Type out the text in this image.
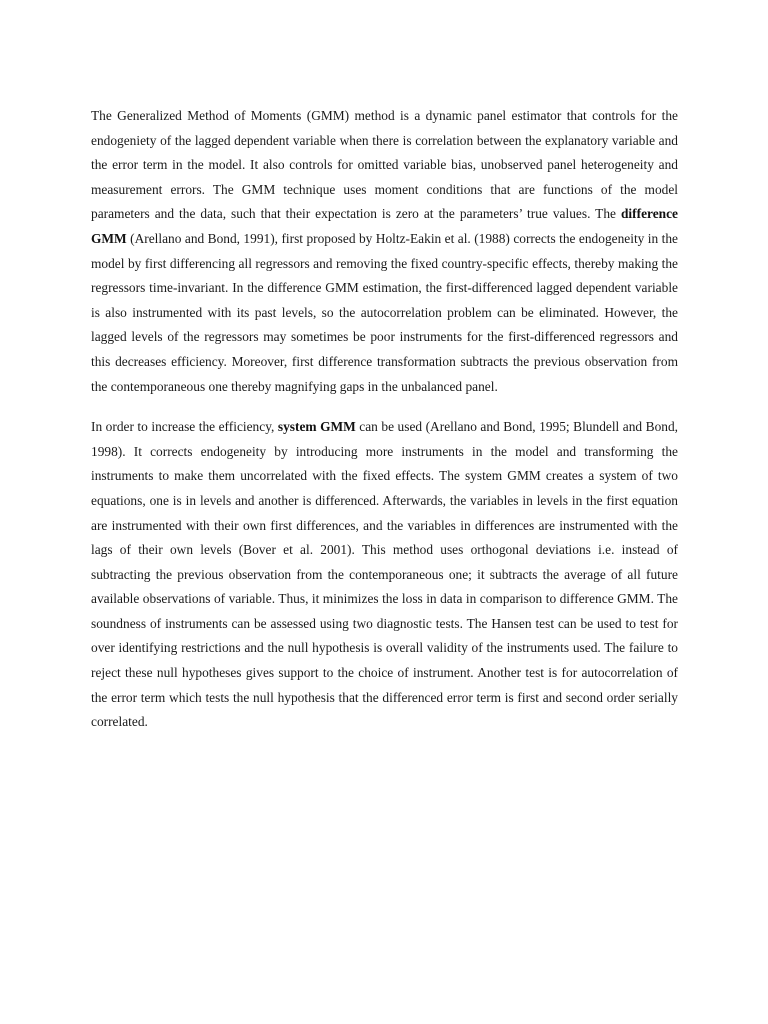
The Generalized Method of Moments (GMM) method is a dynamic panel estimator that controls for the endogeniety of the lagged dependent variable when there is correlation between the explanatory variable and the error term in the model. It also controls for omitted variable bias, unobserved panel heterogeneity and measurement errors. The GMM technique uses moment conditions that are functions of the model parameters and the data, such that their expectation is zero at the parameters’ true values. The difference GMM (Arellano and Bond, 1991), first proposed by Holtz-Eakin et al. (1988) corrects the endogeneity in the model by first differencing all regressors and removing the fixed country-specific effects, thereby making the regressors time-invariant. In the difference GMM estimation, the first-differenced lagged dependent variable is also instrumented with its past levels, so the autocorrelation problem can be eliminated. However, the lagged levels of the regressors may sometimes be poor instruments for the first-differenced regressors and this decreases efficiency. Moreover, first difference transformation subtracts the previous observation from the contemporaneous one thereby magnifying gaps in the unbalanced panel.

In order to increase the efficiency, system GMM can be used (Arellano and Bond, 1995; Blundell and Bond, 1998). It corrects endogeneity by introducing more instruments in the model and transforming the instruments to make them uncorrelated with the fixed effects. The system GMM creates a system of two equations, one is in levels and another is differenced. Afterwards, the variables in levels in the first equation are instrumented with their own first differences, and the variables in differences are instrumented with the lags of their own levels (Bover et al. 2001). This method uses orthogonal deviations i.e. instead of subtracting the previous observation from the contemporaneous one; it subtracts the average of all future available observations of variable. Thus, it minimizes the loss in data in comparison to difference GMM. The soundness of instruments can be assessed using two diagnostic tests. The Hansen test can be used to test for over identifying restrictions and the null hypothesis is overall validity of the instruments used. The failure to reject these null hypotheses gives support to the choice of instrument. Another test is for autocorrelation of the error term which tests the null hypothesis that the differenced error term is first and second order serially correlated.
